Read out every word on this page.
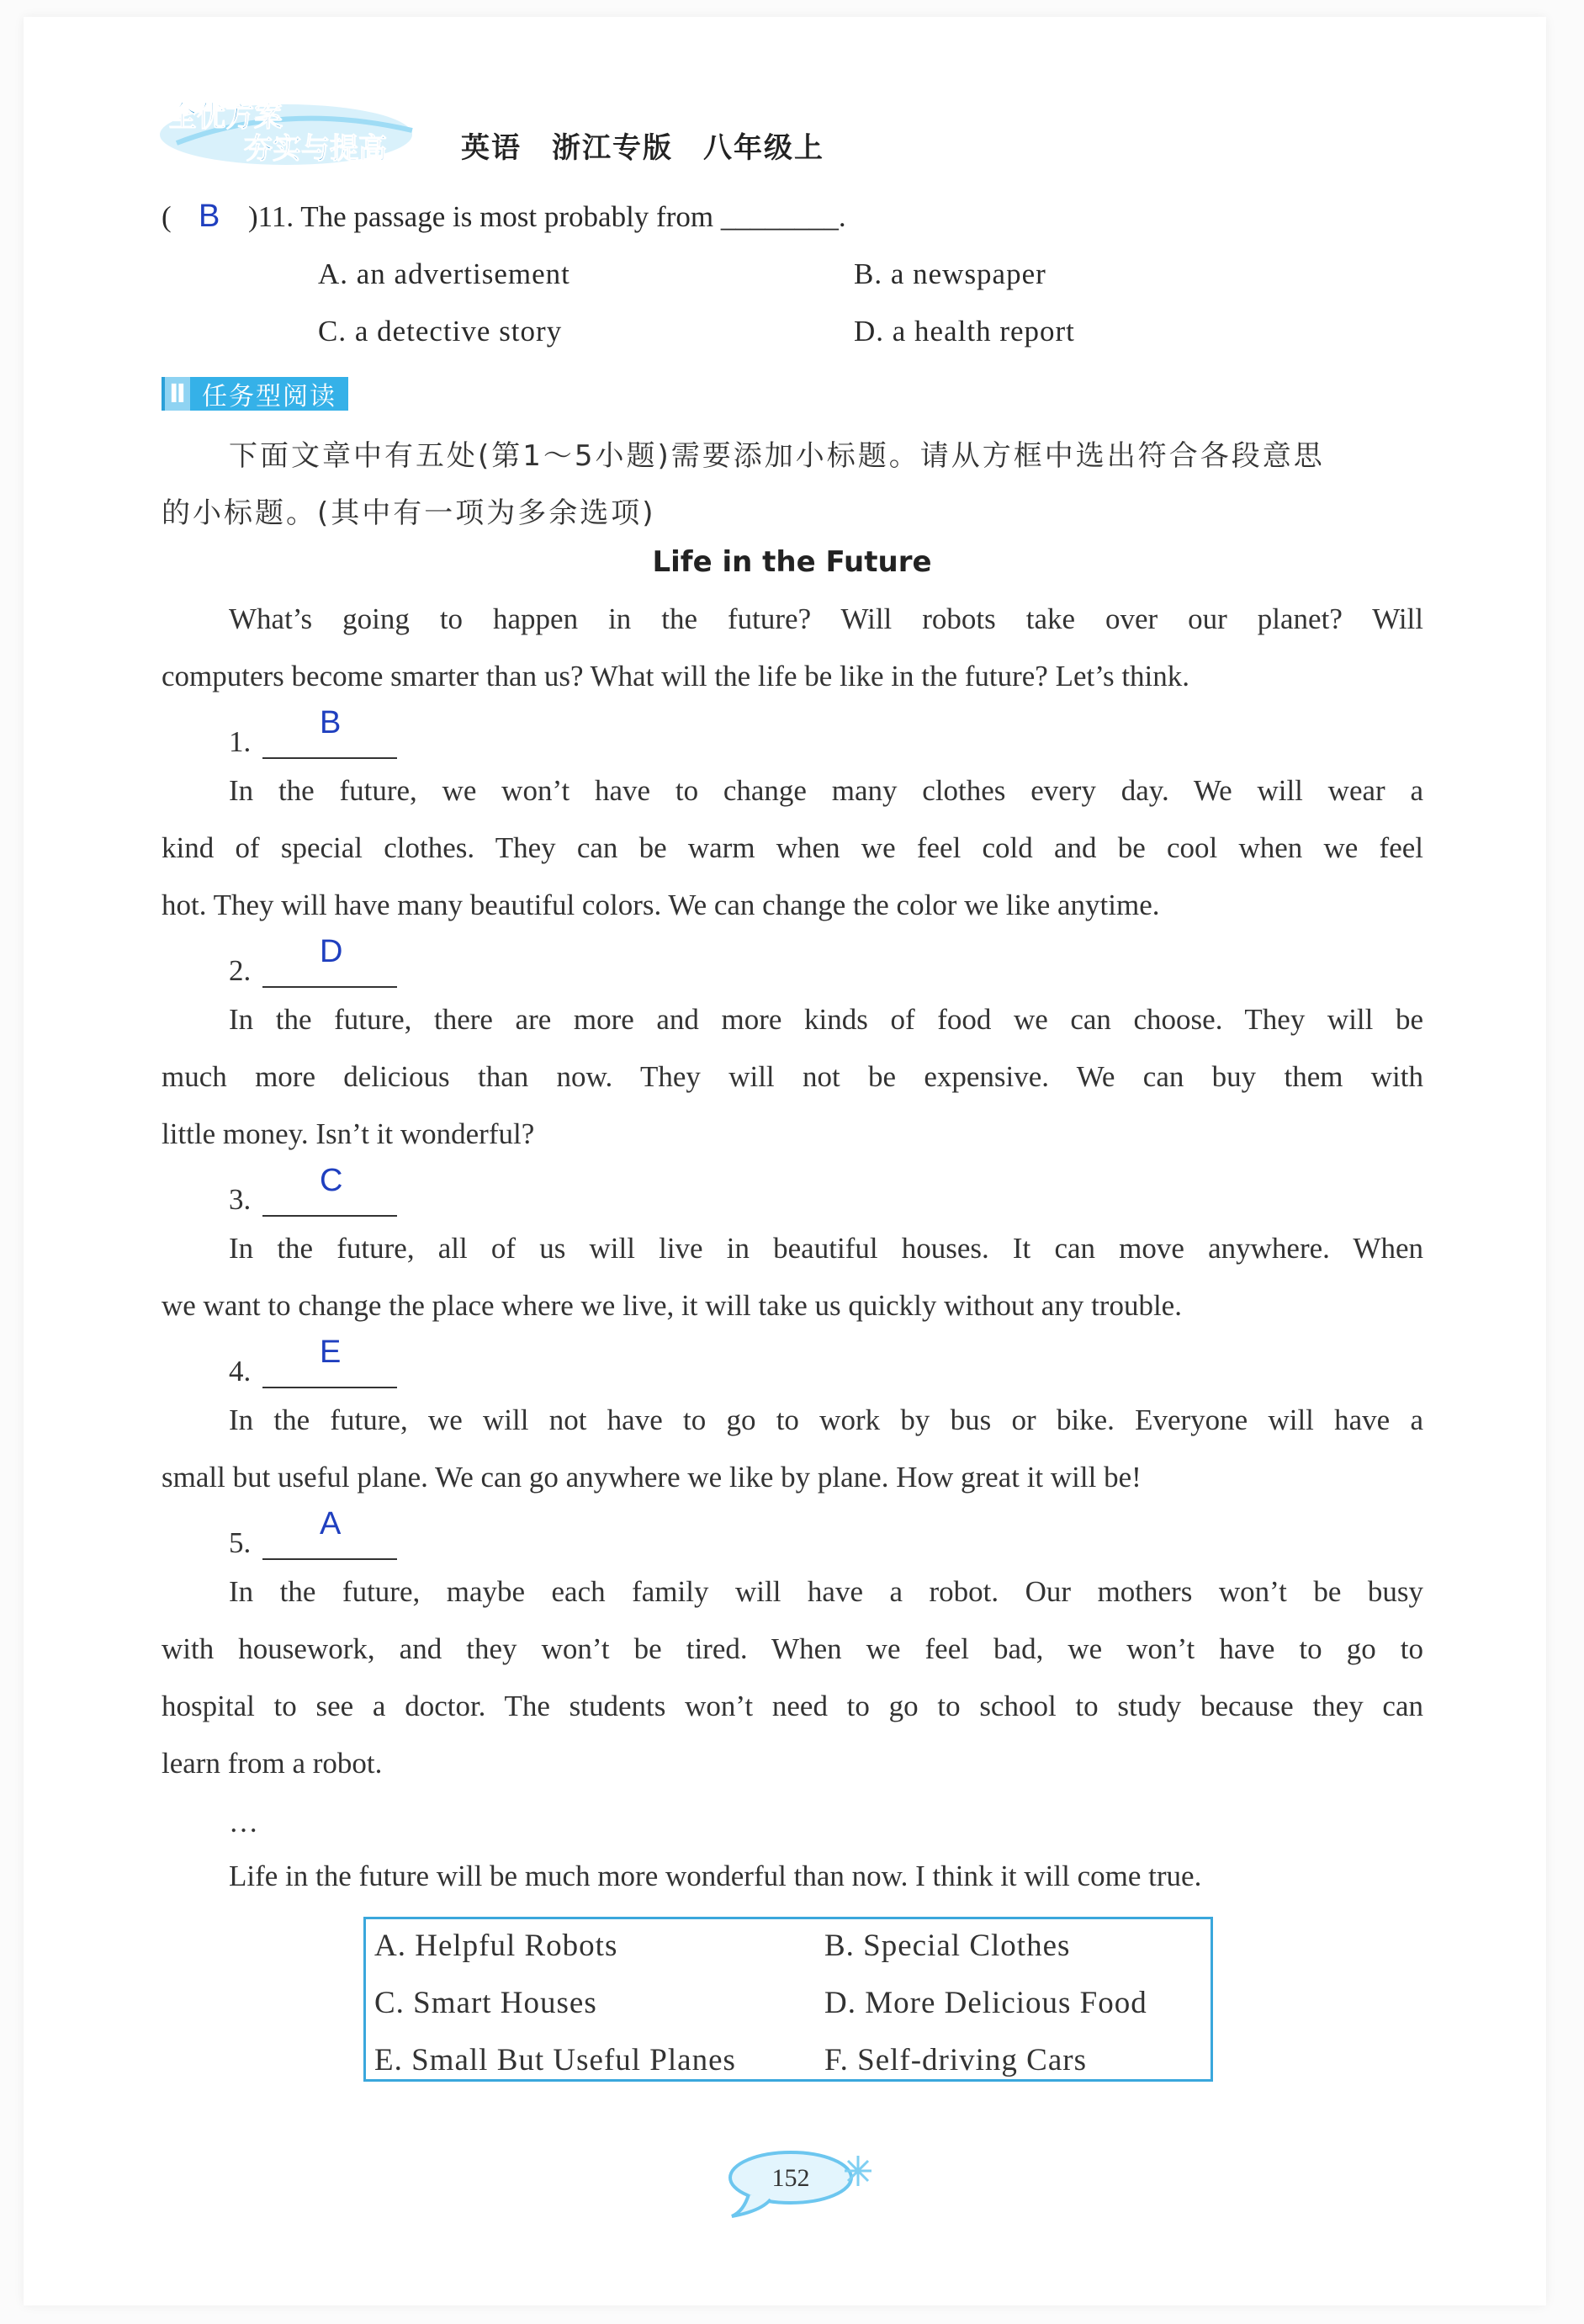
全优方案
夯实与提高	英语 浙江专版 八年级上
( B )11. The passage is most probably from ________.
A. an advertisement	B. a newspaper
C. a detective story	D. a health report
Ⅱ 任务型阅读
下面文章中有五处(第1～5小题)需要添加小标题。请从方框中选出符合各段意思
的小标题。(其中有一项为多余选项)
Life in the Future
What’s going to happen in the future? Will robots take over our planet? Will
computers become smarter than us? What will the life be like in the future? Let’s think.
1.
B
In the future, we won’t have to change many clothes every day. We will wear a
kind of special clothes. They can be warm when we feel cold and be cool when we feel
hot. They will have many beautiful colors. We can change the color we like anytime.
2.
D
In the future, there are more and more kinds of food we can choose. They will be
much more delicious than now. They will not be expensive. We can buy them with
little money. Isn’t it wonderful?
3.
C
In the future, all of us will live in beautiful houses. It can move anywhere. When
we want to change the place where we live, it will take us quickly without any trouble.
4.
E
In the future, we will not have to go to work by bus or bike. Everyone will have a
small but useful plane. We can go anywhere we like by plane. How great it will be!
5.
A
In the future, maybe each family will have a robot. Our mothers won’t be busy
with housework, and they won’t be tired. When we feel bad, we won’t have to go to
hospital to see a doctor. The students won’t need to go to school to study because they can
learn from a robot.
…
Life in the future will be much more wonderful than now. I think it will come true.
A. Helpful Robots	B. Special Clothes
C. Smart Houses	D. More Delicious Food
E. Small But Useful Planes	F. Self-driving Cars
152
